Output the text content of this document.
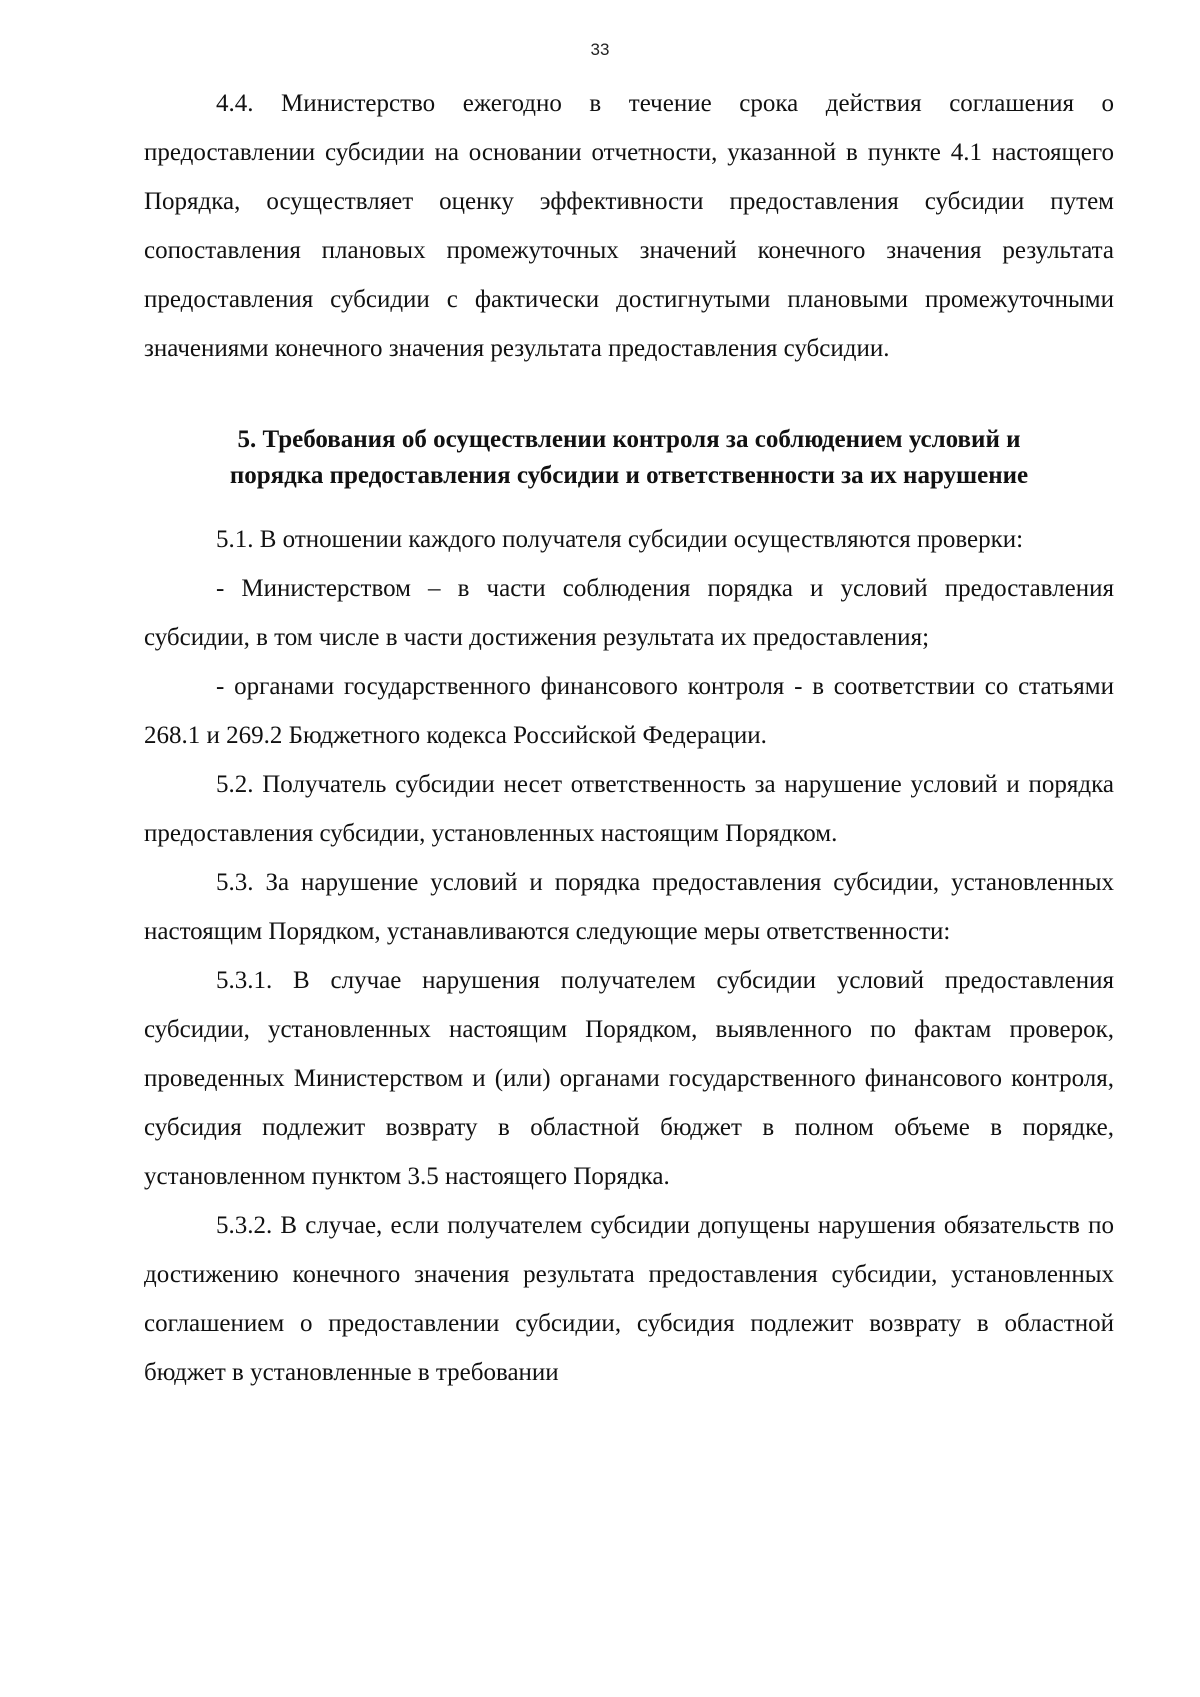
33

4.4. Министерство ежегодно в течение срока действия соглашения о предоставлении субсидии на основании отчетности, указанной в пункте 4.1 настоящего Порядка, осуществляет оценку эффективности предоставления субсидии путем сопоставления плановых промежуточных значений конечного значения результата предоставления субсидии с фактически достигнутыми плановыми промежуточными значениями конечного значения результата предоставления субсидии.

5. Требования об осуществлении контроля за соблюдением условий и
порядка предоставления субсидии и ответственности за их нарушение

5.1. В отношении каждого получателя субсидии осуществляются проверки:

- Министерством – в части соблюдения порядка и условий предоставления субсидии, в том числе в части достижения результата их предоставления;

- органами государственного финансового контроля - в соответствии со статьями 268.1 и 269.2 Бюджетного кодекса Российской Федерации.

5.2. Получатель субсидии несет ответственность за нарушение условий и порядка предоставления субсидии, установленных настоящим Порядком.

5.3. За нарушение условий и порядка предоставления субсидии, установленных настоящим Порядком, устанавливаются следующие меры ответственности:

5.3.1. В случае нарушения получателем субсидии условий предоставления субсидии, установленных настоящим Порядком, выявленного по фактам проверок, проведенных Министерством и (или) органами государственного финансового контроля, субсидия подлежит возврату в областной бюджет в полном объеме в порядке, установленном пунктом 3.5 настоящего Порядка.

5.3.2. В случае, если получателем субсидии допущены нарушения обязательств по достижению конечного значения результата предоставления субсидии, установленных соглашением о предоставлении субсидии, субсидия подлежит возврату в областной бюджет в установленные в требовании
